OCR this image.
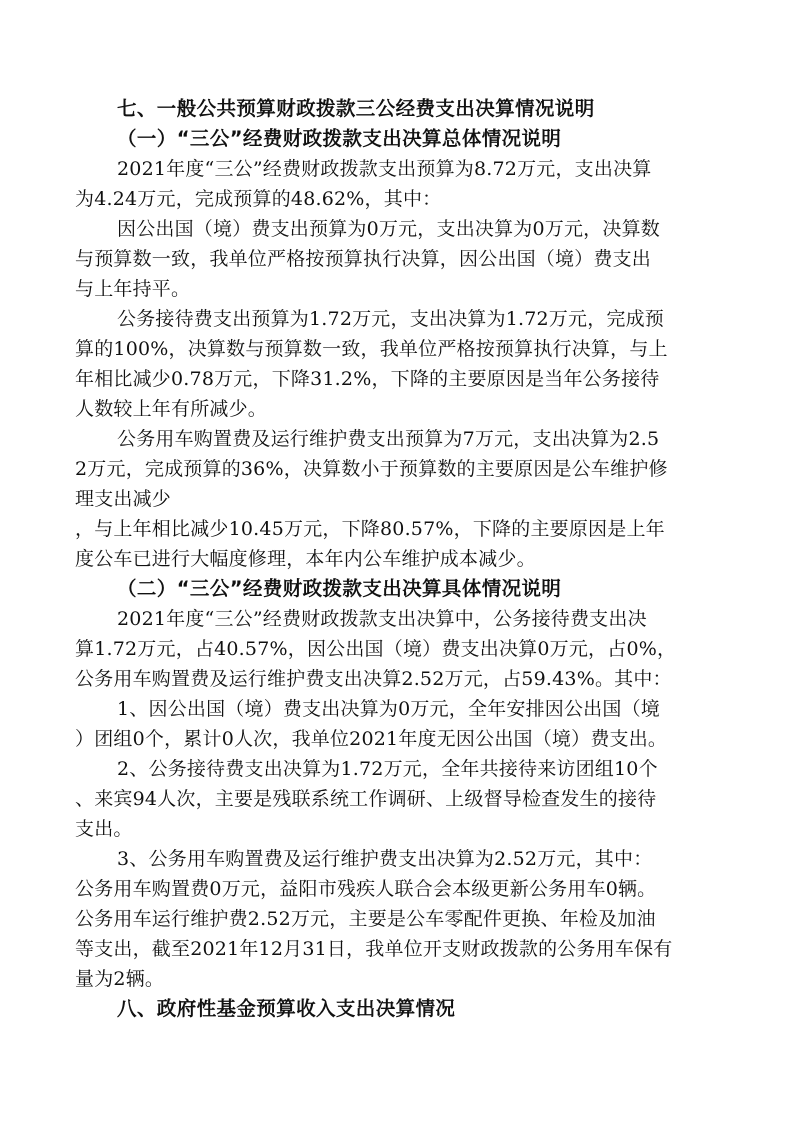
七、一般公共预算财政拨款三公经费支出决算情况说明
（一）“三公”经费财政拨款支出决算总体情况说明
2021年度“三公”经费财政拨款支出预算为8.72万元，支出决算
为4.24万元，完成预算的48.62%，其中：
因公出国（境）费支出预算为0万元，支出决算为0万元，决算数
与预算数一致，我单位严格按预算执行决算，因公出国（境）费支出
与上年持平。
公务接待费支出预算为1.72万元，支出决算为1.72万元，完成预
算的100%，决算数与预算数一致，我单位严格按预算执行决算，与上
年相比减少0.78万元，下降31.2%，下降的主要原因是当年公务接待
人数较上年有所减少。
公务用车购置费及运行维护费支出预算为7万元，支出决算为2.5
2万元，完成预算的36%，决算数小于预算数的主要原因是公车维护修
理支出减少
，与上年相比减少10.45万元，下降80.57%，下降的主要原因是上年
度公车已进行大幅度修理，本年内公车维护成本减少。
（二）“三公”经费财政拨款支出决算具体情况说明
2021年度“三公”经费财政拨款支出决算中，公务接待费支出决
算1.72万元，占40.57%，因公出国（境）费支出决算0万元，占0%，
公务用车购置费及运行维护费支出决算2.52万元，占59.43%。其中：
1、因公出国（境）费支出决算为0万元，全年安排因公出国（境
）团组0个，累计0人次，我单位2021年度无因公出国（境）费支出。
2、公务接待费支出决算为1.72万元，全年共接待来访团组10个
、来宾94人次，主要是残联系统工作调研、上级督导检查发生的接待
支出。
3、公务用车购置费及运行维护费支出决算为2.52万元，其中：
公务用车购置费0万元，益阳市残疾人联合会本级更新公务用车0辆。
公务用车运行维护费2.52万元，主要是公车零配件更换、年检及加油
等支出，截至2021年12月31日，我单位开支财政拨款的公务用车保有
量为2辆。
八、政府性基金预算收入支出决算情况
